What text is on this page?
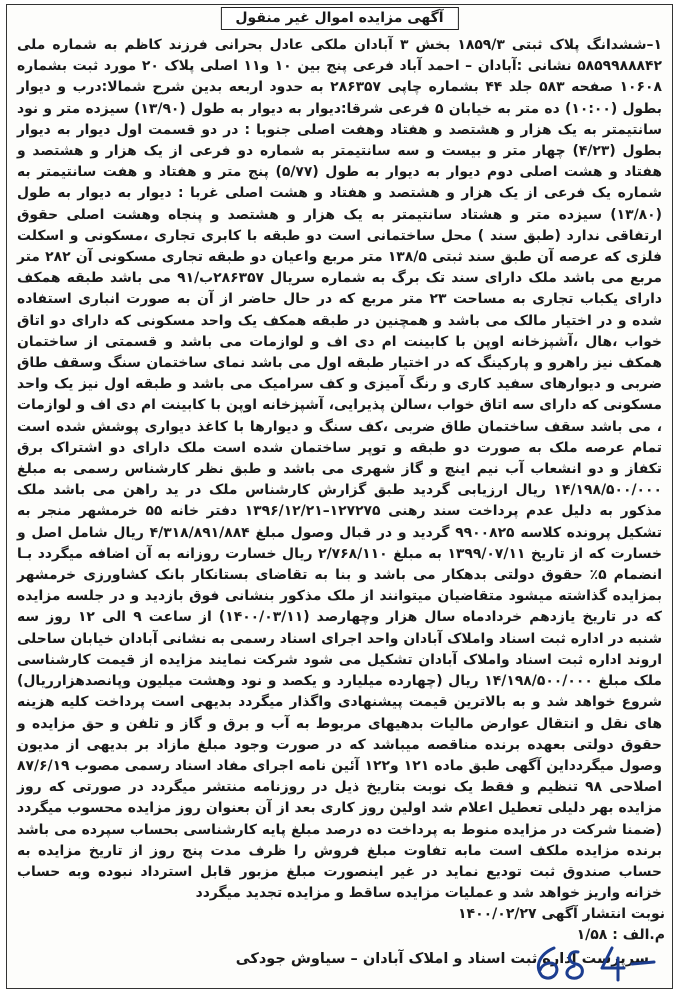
آگهی مزایده اموال غیر منقول

۱–ششدانگ پلاک ثبتی ۱۸۵۹/۳ بخش ۳ آبادان ملکی عادل بحرانی فرزند کاظم به شماره ملی ۵۸۵۹۹۸۸۸۴۲ نشانی :آبادان – احمد آباد فرعی پنج بین ۱۰ و۱۱ اصلی پلاک ۲۰ مورد ثبت بشماره ۱۰۶۰۸ صفحه ۵۸۳ جلد ۴۴ بشماره چاپی ۲۸۶۳۵۷ به حدود اربعه بدین شرح شمالا:درب و دیوار بطول (۱۰:۰۰) ده متر به خیابان ۵ فرعی شرقا:دیوار به دیوار به طول (۱۳/۹۰) سیزده متر و نود سانتیمتر به یک هزار و هشتصد و هفتاد وهفت اصلی جنوبا : در دو قسمت اول دیوار به دیوار بطول (۴/۲۳) چهار متر و بیست و سه سانتیمتر به شماره دو فرعی از یک هزار و هشتصد و هفتاد و هشت اصلی دوم دیوار به دیوار به طول (۵/۷۷) پنج متر و هفتاد و هفت سانتیمتر به شماره یک فرعی از یک هزار و هشتصد و هفتاد و هشت اصلی غربا : دیوار به دیوار به طول (۱۳/۸۰) سیزده متر و هشتاد سانتیمتر به یک هزار و هشتصد و پنجاه وهشت اصلی حقوق ارتفاقی ندارد (طبق سند ) محل ساختمانی است دو طبقه با کابری تجاری ،مسکونی و اسکلت فلزی که عرصه آن طبق سند ثبتی ۱۳۸/۵ متر مربع واعیان دو طبقه تجاری مسکونی آن ۲۸۲ متر مربع می باشد ملک دارای سند تک برگ به شماره سریال ۲۸۶۳۵۷ب/۹۱ می باشد طبقه همکف دارای یکباب تجاری به مساحت ۲۳ متر مربع که در حال حاضر از آن به صورت انباری استفاده شده و در اختیار مالک می باشد و همچنین در طبقه همکف یک واحد مسکونی که دارای دو اتاق خواب ،هال ،آشپزخانه اوپن با کابینت ام دی اف و لوازمات می باشد و قسمتی از ساختمان همکف نیز راهرو و پارکینگ که در اختیار طبقه اول می باشد نمای ساختمان سنگ وسقف طاق ضربی و دیوارهای سفید کاری و رنگ آمیزی و کف سرامیک می باشد و طبقه اول نیز یک واحد مسکونی که دارای سه اتاق خواب ،سالن پذیرایی، آشپزخانه اوپن با کابینت ام دی اف و لوازمات ، می باشد سقف ساختمان طاق ضربی ،کف سنگ و دیوارها با کاغذ دیواری پوشش شده است تمام عرصه ملک به صورت دو طبقه و توپر ساختمان شده است ملک دارای دو اشتراک برق تکفاز و دو انشعاب آب نیم اینچ و گاز شهری می باشد و طبق نظر کارشناس رسمی به مبلغ ۱۴/۱۹۸/۵۰۰/۰۰۰ ریال ارزیابی گردید طبق گزارش کارشناس ملک در ید راهن می باشد ملک مذکور به دلیل عدم پرداخت سند رهنی ۱۲۷۲۷۵–۱۳۹۶/۱۲/۲۱ دفتر خانه ۵۵ خرمشهر منجر به تشکیل پرونده کلاسه ۹۹۰۰۸۲۵ گردید و در قبال وصول مبلغ ۴/۳۱۸/۸۹۱/۸۸۴ ریال شامل اصل و خسارت که از تاریخ ۱۳۹۹/۰۷/۱۱ به مبلغ ۲/۷۶۸/۱۱۰ ریال خسارت روزانه به آن اضافه میگردد بـا انضمام ۵٪ حقوق دولتی بدهکار می باشد و بنا به تقاضای بستانکار بانک کشاورزی خرمشهر بمزایده گذاشته میشود متقاضیان میتوانند از ملک مذکور بنشانی فوق بازدید و در جلسه مزایده که در تاریخ یازدهم خردادماه سال هزار وچهارصد (۱۴۰۰/۰۳/۱۱) از ساعت ۹ الی ۱۲ روز سه شنبه در اداره ثبت اسناد واملاک آبادان واحد اجرای اسناد رسمی به نشانی آبادان خیابان ساحلی اروند اداره ثبت اسناد واملاک آبادان تشکیل می شود شرکت نمایند مزایده از قیمت کارشناسی ملک مبلغ ۱۴/۱۹۸/۵۰۰/۰۰۰ ریال (چهارده میلیارد و یکصد و نود وهشت میلیون وپانصدهزارریال) شروع خواهد شد و به بالاترین قیمت پیشنهادی واگذار میگردد بدیهی است پرداخت کلیه هزینه های نقل و انتقال عوارض مالیات بدهیهای مربوط به آب و برق و گاز و تلفن و حق مزایده و حقوق دولتی بعهده برنده مناقصه میباشد که در صورت وجود مبلغ مازاد بر بدیهی از مدیون وصول میگردداین آگهی طبق ماده ۱۲۱ و۱۲۲ آئین نامه اجرای مفاد اسناد رسمی مصوب ۸۷/۶/۱۹ اصلاحی ۹۸ تنظیم و فقط یک نوبت بتاریخ ذیل در روزنامه منتشر میگردد در صورتی که روز مزایده بهر دلیلی تعطیل اعلام شد اولین روز کاری بعد از آن بعنوان روز مزایده محسوب میگردد (ضمنا شرکت در مزایده منوط به پرداخت ده درصد مبلغ پایه کارشناسی بحساب سپرده می باشد برنده مزایده ملکف است مابه تفاوت مبلغ فروش را ظرف مدت پنج روز از تاریخ مزایده به حساب صندوق ثبت تودیع نماید در غیر اینصورت مبلغ مزبور قابل استرداد نبوده وبه حساب خزانه واریز خواهد شد و عملیات مزایده ساقط و مزایده تجدید میگردد

نوبت انتشار آگهی ۱۴۰۰/۰۲/۲۷
م.الف : ۱/۵۸
سرپرست اداره ثبت اسناد و املاک آبادان – سیاوش جودکی
